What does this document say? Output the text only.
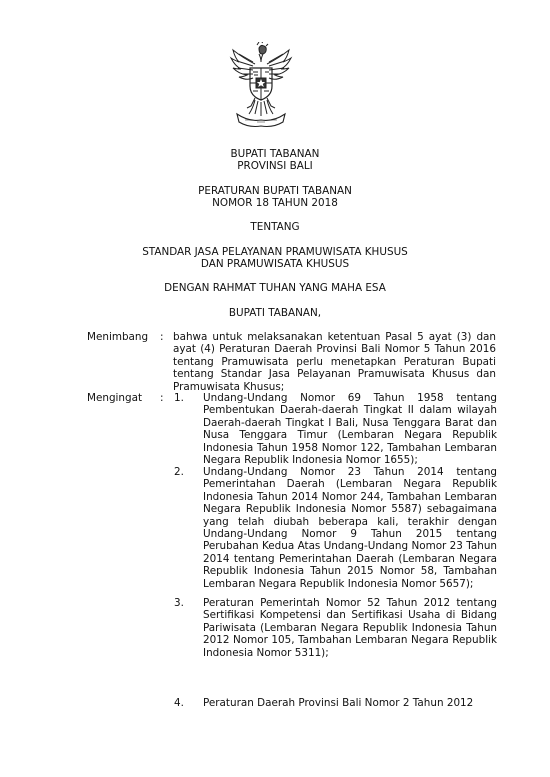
BUPATI TABANAN
PROVINSI BALI
PERATURAN BUPATI TABANAN
NOMOR 18 TAHUN 2018
TENTANG
STANDAR JASA PELAYANAN PRAMUWISATA KHUSUS
DAN PRAMUWISATA KHUSUS
DENGAN RAHMAT TUHAN YANG MAHA ESA
BUPATI TABANAN,
Menimbang : bahwa untuk melaksanakan ketentuan Pasal 5 ayat (3) dan ayat (4) Peraturan Daerah Provinsi Bali Nomor 5 Tahun 2016 tentang Pramuwisata perlu menetapkan Peraturan Bupati tentang Standar Jasa Pelayanan Pramuwisata Khusus dan Pramuwisata Khusus;
Mengingat : 1. Undang-Undang Nomor 69 Tahun 1958 tentang Pembentukan Daerah-daerah Tingkat II dalam wilayah Daerah-daerah Tingkat I Bali, Nusa Tenggara Barat dan Nusa Tenggara Timur (Lembaran Negara Republik Indonesia Tahun 1958 Nomor 122, Tambahan Lembaran Negara Republik Indonesia Nomor 1655);
2. Undang-Undang Nomor 23 Tahun 2014 tentang Pemerintahan Daerah (Lembaran Negara Republik Indonesia Tahun 2014 Nomor 244, Tambahan Lembaran Negara Republik Indonesia Nomor 5587) sebagaimana yang telah diubah beberapa kali, terakhir dengan Undang-Undang Nomor 9 Tahun 2015 tentang Perubahan Kedua Atas Undang-Undang Nomor 23 Tahun 2014 tentang Pemerintahan Daerah (Lembaran Negara Republik Indonesia Tahun 2015 Nomor 58, Tambahan Lembaran Negara Republik Indonesia Nomor 5657);
3. Peraturan Pemerintah Nomor 52 Tahun 2012 tentang Sertifikasi Kompetensi dan Sertifikasi Usaha di Bidang Pariwisata (Lembaran Negara Republik Indonesia Tahun 2012 Nomor 105, Tambahan Lembaran Negara Republik Indonesia Nomor 5311);
4. Peraturan Daerah Provinsi Bali Nomor 2 Tahun 2012
